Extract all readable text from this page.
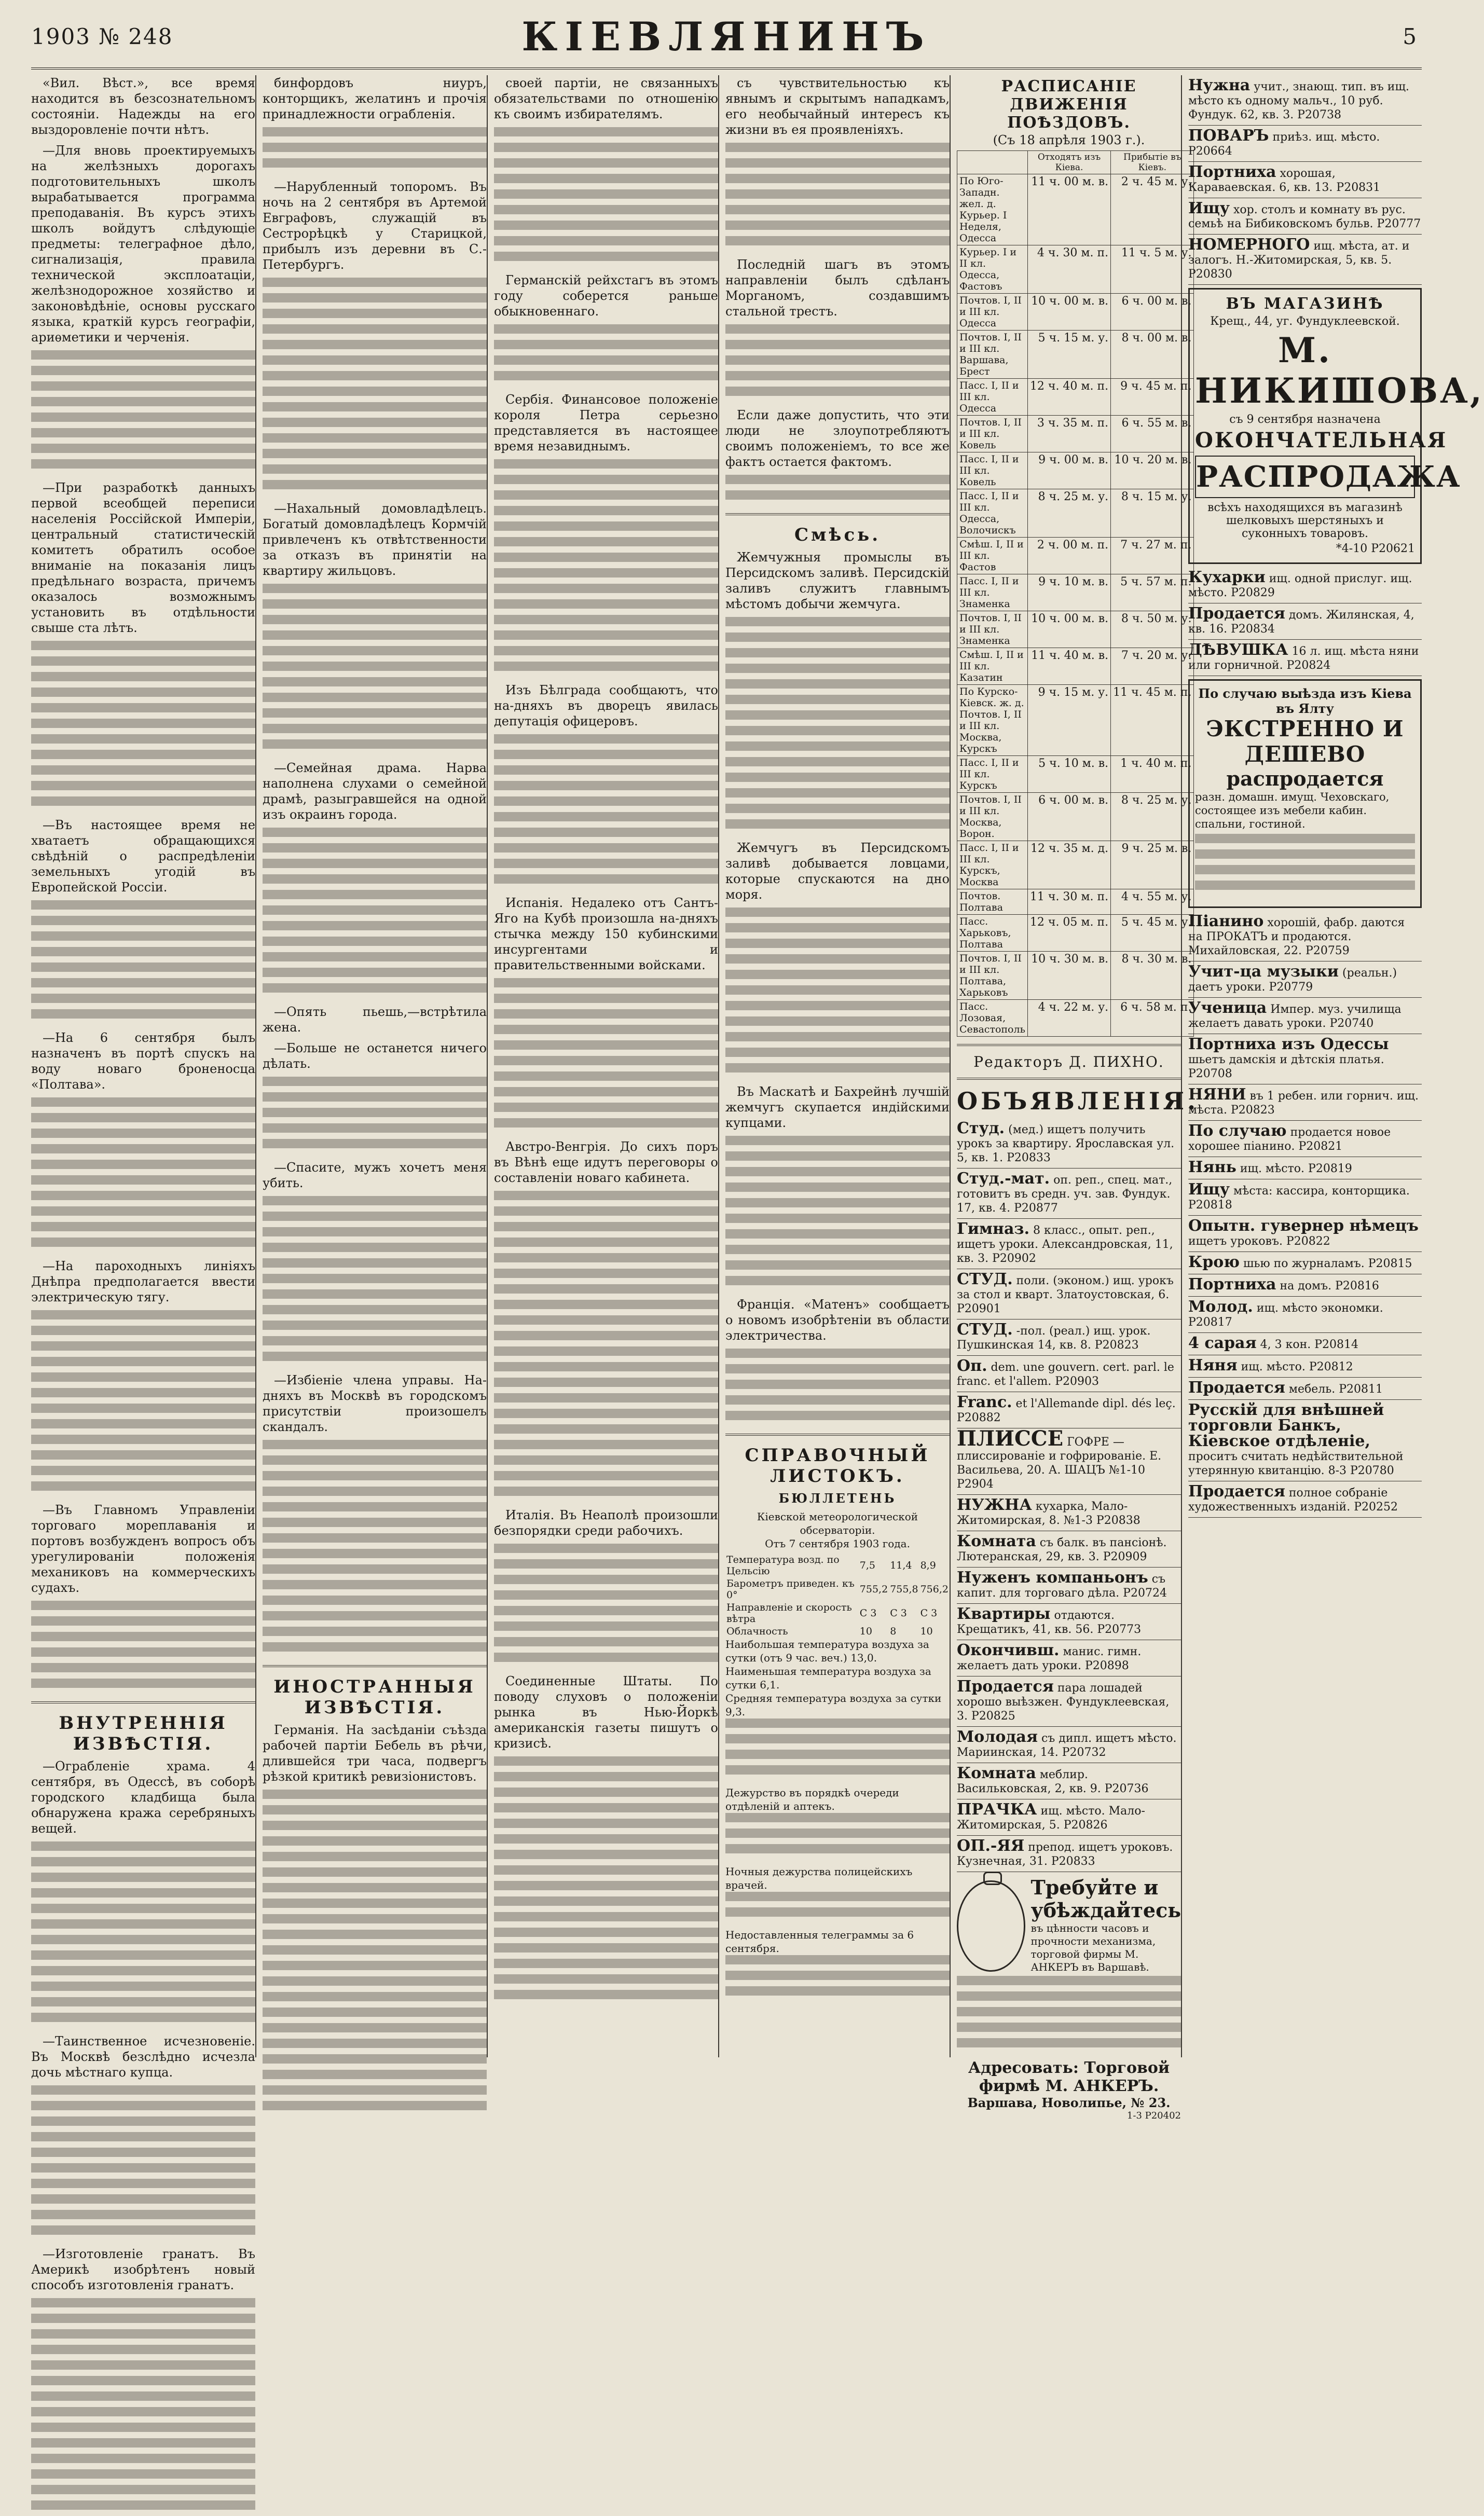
1903 № 248	КІЕВЛЯНИНЪ	5

«Вил. Вѣст.», все время находится въ безсознательномъ состояніи. Надежды на его выздоровленіе почти нѣтъ.

—Для вновь проектируемыхъ на желѣзныхъ дорогахъ подготовительныхъ школъ вырабатывается программа преподаванія. Въ курсъ этихъ школъ войдутъ слѣдующіе предметы: телеграфное дѣло, сигнализація, правила технической эксплоатаціи, желѣзнодорожное хозяйство и законовѣдѣніе, основы русскаго языка, краткій курсъ географіи, ариѳметики и черченія.

—При разработкѣ данныхъ первой всеобщей переписи населенія Россійской Имперіи, центральный статистическій комитетъ обратилъ особое вниманіе на показанія лицъ предѣльнаго возраста, причемъ оказалось возможнымъ установить въ отдѣльности свыше ста лѣтъ.

—Въ настоящее время не хватаетъ обращающихся свѣдѣній о распредѣленіи земельныхъ угодій въ Европейской Россіи.

—На 6 сентября былъ назначенъ въ портѣ спускъ на воду новаго броненосца «Полтава».

—На пароходныхъ линіяхъ Днѣпра предполагается ввести электрическую тягу.

—Въ Главномъ Управленіи торговаго мореплаванія и портовъ возбужденъ вопросъ объ урегулированіи положенія механиковъ на коммерческихъ судахъ.

ВНУТРЕННІЯ ИЗВѢСТІЯ.

—Ограбленіе храма. 4 сентября, въ Одессѣ, въ соборѣ городского кладбища была обнаружена кража серебряныхъ вещей.

—Таинственное исчезновеніе. Въ Москвѣ безслѣдно исчезла дочь мѣстнаго купца.

—Изготовленіе гранатъ. Въ Америкѣ изобрѣтенъ новый способъ изготовленія гранатъ.

бинфордовъ ниуръ, конторщикъ, желатинъ и прочія принадлежности ограбленія.

—Нарубленный топоромъ. Въ ночь на 2 сентября въ Артемой Евграфовъ, служащій въ Сестрорѣцкѣ у Старицкой, прибылъ изъ деревни въ С.-Петербургъ.

—Нахальный домовладѣлецъ. Богатый домовладѣлецъ Кормчій привлеченъ къ отвѣтственности за отказъ въ принятіи на квартиру жильцовъ.

—Семейная драма. Нарва наполнена слухами о семейной драмѣ, разыгравшейся на одной изъ окраинъ города.

—Опять пьешь,—встрѣтила жена.

—Больше не останется ничего дѣлать.

—Спасите, мужъ хочетъ меня убить.

—Избіеніе члена управы. На-дняхъ въ Москвѣ въ городскомъ присутствіи произошелъ скандалъ.

ИНОСТРАННЫЯ ИЗВѢСТІЯ.

Германія. На засѣданіи съѣзда рабочей партіи Бебель въ рѣчи, длившейся три часа, подвергъ рѣзкой критикѣ ревизіонистовъ.

своей партіи, не связанныхъ обязательствами по отношенію къ своимъ избирателямъ.

Германскій рейхстагъ въ этомъ году соберется раньше обыкновеннаго.

Сербія. Финансовое положеніе короля Петра серьезно представляется въ настоящее время незавиднымъ.

Изъ Бѣлграда сообщаютъ, что на-дняхъ въ дворецъ явилась депутація офицеровъ.

Испанія. Недалеко отъ Сантъ-Яго на Кубѣ произошла на-дняхъ стычка между 150 кубинскими инсургентами и правительственными войсками.

Австро-Венгрія. До сихъ поръ въ Вѣнѣ еще идутъ переговоры о составленіи новаго кабинета.

Италія. Въ Неаполѣ произошли безпорядки среди рабочихъ.

Соединенные Штаты. По поводу слуховъ о положеніи рынка въ Нью-Йоркѣ американскія газеты пишутъ о кризисѣ.

съ чувствительностью къ явнымъ и скрытымъ нападкамъ, его необычайный интересъ къ жизни въ ея проявленіяхъ.

Последній шагъ въ этомъ направленіи былъ сдѣланъ Морганомъ, создавшимъ стальной трестъ.

Если даже допустить, что эти люди не злоупотребляютъ своимъ положеніемъ, то все же фактъ остается фактомъ.

Смѣсь.

Жемчужныя промыслы въ Персидскомъ заливѣ. Персидскій заливъ служитъ главнымъ мѣстомъ добычи жемчуга.

Жемчугъ въ Персидскомъ заливѣ добывается ловцами, которые спускаются на дно моря.

Въ Маскатѣ и Бахрейнѣ лучшій жемчугъ скупается индійскими купцами.

Франція. «Матенъ» сообщаетъ о новомъ изобрѣтеніи въ области электричества.

СПРАВОЧНЫЙ ЛИСТОКЪ.
БЮЛЛЕТЕНЬ
Кіевской метеорологической обсерваторіи.
Отъ 7 сентября 1903 года.
Температура возд. по Цельсію	7,5	11,4	8,9
Барометръ приведен. къ 0°	755,2	755,8	756,2
Направленіе и скорость вѣтра	С 3	С 3	С 3
Облачность	10	8	10
Наибольшая температура воздуха за сутки (отъ 9 час. веч.) 13,0.
Наименьшая температура воздуха за сутки 6,1.
Средняя температура воздуха за сутки 9,3.
Дежурство въ порядкѣ очереди отдѣленій и аптекъ.
Ночныя дежурства полицейскихъ врачей.
Недоставленныя телеграммы за 6 сентября.
РАСПИСАНІЕ ДВИЖЕНІЯ ПОѢЗДОВЪ.
(Съ 18 апрѣля 1903 г.).
	Отходятъ изъ Кіева.	Прибытіе въ Кіевъ.
По Юго-Западн. жел. д. Курьер. I Неделя, Одесса	11 ч. 00 м. в.	2 ч. 45 м. у.
Курьер. I и II кл. Одесса, Фастовъ	4 ч. 30 м. п.	11 ч. 5 м. у.
Почтов. I, II и III кл. Одесса	10 ч. 00 м. в.	6 ч. 00 м. в.
Почтов. I, II и III кл. Варшава, Брест	5 ч. 15 м. у.	8 ч. 00 м. в.
Пасс. I, II и III кл. Одесса	12 ч. 40 м. п.	9 ч. 45 м. п.
Почтов. I, II и III кл. Ковель	3 ч. 35 м. п.	6 ч. 55 м. в.
Пасс. I, II и III кл. Ковель	9 ч. 00 м. в.	10 ч. 20 м. в.
Пасс. I, II и III кл. Одесса, Волочискъ	8 ч. 25 м. у.	8 ч. 15 м. у.
Смѣш. I, II и III кл. Фастов	2 ч. 00 м. п.	7 ч. 27 м. п.
Пасс. I, II и III кл. Знаменка	9 ч. 10 м. в.	5 ч. 57 м. п.
Почтов. I, II и III кл. Знаменка	10 ч. 00 м. в.	8 ч. 50 м. у.
Смѣш. I, II и III кл. Казатин	11 ч. 40 м. в.	7 ч. 20 м. у.
По Курско-Кіевск. ж. д. Почтов. I, II и III кл. Москва, Курскъ	9 ч. 15 м. у.	11 ч. 45 м. п.
Пасс. I, II и III кл. Курскъ	5 ч. 10 м. в.	1 ч. 40 м. п.
Почтов. I, II и III кл. Москва, Ворон.	6 ч. 00 м. в.	8 ч. 25 м. у.
Пасс. I, II и III кл. Курскъ, Москва	12 ч. 35 м. д.	9 ч. 25 м. в.
Почтов. Полтава	11 ч. 30 м. п.	4 ч. 55 м. у.
Пасс. Харьковъ, Полтава	12 ч. 05 м. п.	5 ч. 45 м. у.
Почтов. I, II и III кл. Полтава, Харьковъ	10 ч. 30 м. в.	8 ч. 30 м. в.
Пасс. Лозовая, Севастополь	4 ч. 22 м. у.	6 ч. 58 м. п.
Редакторъ Д. ПИХНО.
ОБЪЯВЛЕНІЯ.
Студ. (мед.) ищетъ получить урокъ за квартиру. Ярославская ул. 5, кв. 1. Р20833
Студ.-мат. оп. реп., спец. мат., готовитъ въ средн. уч. зав. Фундук. 17, кв. 4. Р20877
Гимназ. 8 класс., опыт. реп., ищетъ уроки. Александровская, 11, кв. 3. Р20902
СТУД. поли. (эконом.) ищ. урокъ за стол и кварт. Златоустовская, 6. Р20901
СТУД. -пол. (реал.) ищ. урок. Пушкинская 14, кв. 8. Р20823
Оп. dem. une gouvern. cert. parl. le franc. et l'allem. Р20903
Franc. et l'Allemande dipl. dés leç. Р20882
ПЛИССЕ ГОФРЕ — плиссированіе и гофрированіе. Е. Васильева, 20. А. ШАЦЪ №1-10 Р2904
НУЖНА кухарка, Мало-Житомирская, 8. №1-3 Р20838
Комната съ балк. въ пансіонѣ. Лютеранская, 29, кв. 3. Р20909
Нуженъ компаньонъ съ капит. для торговаго дѣла. Р20724
Квартиры отдаются. Крещатикъ, 41, кв. 56. Р20773
Окончивш. манис. гимн. желаетъ дать уроки. Р20898
Продается пара лошадей хорошо выѣзжен. Фундуклеевская, 3. Р20825
Молодая съ дипл. ищетъ мѣсто. Мариинская, 14. Р20732
Комната меблир. Васильковская, 2, кв. 9. Р20736
ПРАЧКА ищ. мѣсто. Мало-Житомирская, 5. Р20826
ОП.-ЯЯ препод. ищетъ уроковъ. Кузнечная, 31. Р20833
Требуйте и убѣждайтесь
въ цѣнности часовъ и прочности механизма, торговой фирмы М. АНКЕРЪ въ Варшавѣ.
Адресовать: Торговой фирмѣ М. АНКЕРЪ.
Варшава, Новолипье, № 23.
1-3 Р20402
Нужна учит., знающ. тип. въ ищ. мѣсто къ одному мальч., 10 руб. Фундук. 62, кв. 3. Р20738
ПОВАРЪ приѣз. ищ. мѣсто. Р20664
Портниха хорошая, Караваевская. 6, кв. 13. Р20831
Ищу хор. столъ и комнату въ рус. семьѣ на Бибиковскомъ бульв. Р20777
НОМЕРНОГО ищ. мѣста, ат. и залогъ. Н.-Житомирская, 5, кв. 5. Р20830
ВЪ МАГАЗИНѢ
Крещ., 44, уг. Фундуклеевской.
М. НИКИШОВА,
съ 9 сентября назначена
ОКОНЧАТЕЛЬНАЯ
РАСПРОДАЖА
всѣхъ находящихся въ магазинѣ шелковыхъ шерстяныхъ и суконныхъ товаровъ.
*4-10 Р20621
Кухарки ищ. одной прислуг. ищ. мѣсто. Р20829
Продается домъ. Жилянская, 4, кв. 16. Р20834
ДѢВУШКА 16 л. ищ. мѣста няни или горничной. Р20824
По случаю выѣзда изъ Кіева въ Ялту
ЭКСТРЕННО И ДЕШЕВО
распродается
разн. домашн. имущ. Чеховскаго, состоящее изъ мебели кабин. спальни, гостиной.
Піанино хорошій, фабр. даются на ПРОКАТЪ и продаются. Михайловская, 22. Р20759
Учит-ца музыки (реальн.) даетъ уроки. Р20779
Ученица Импер. муз. училища желаетъ давать уроки. Р20740
Портниха изъ Одессы шьетъ дамскія и дѣтскія платья. Р20708
НЯНИ въ 1 ребен. или горнич. ищ. мѣста. Р20823
По случаю продается новое хорошее піанино. Р20821
Нянь ищ. мѣсто. Р20819
Ищу мѣста: кассира, конторщика. Р20818
Опытн. гувернер нѣмецъ ищетъ уроковъ. Р20822
Крою шью по журналамъ. Р20815
Портниха на домъ. Р20816
Молод. ищ. мѣсто экономки. Р20817
4 сарая 4, 3 кон. Р20814
Няня ищ. мѣсто. Р20812
Продается мебель. Р20811
Русскій для внѣшней торговли Банкъ, Кіевское отдѣленіе, проситъ считать недѣйствительной утерянную квитанцію. 8-3 Р20780
Продается полное собраніе художественныхъ изданій. Р20252
